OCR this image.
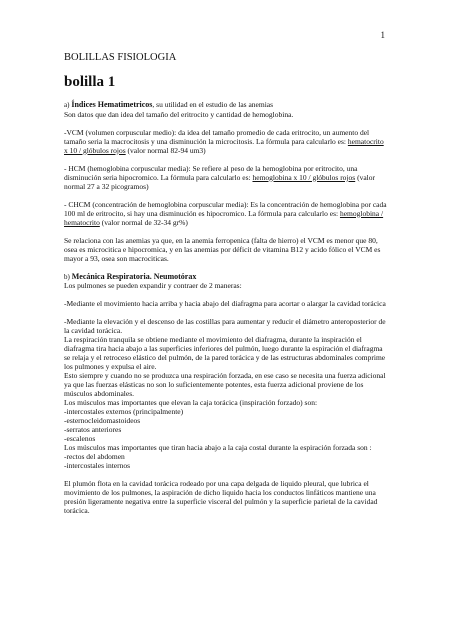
1
BOLILLAS FISIOLOGIA
bolilla 1

a) Índices Hematimetricos, su utilidad en el estudio de las anemias

Son datos que dan idea del tamaño del eritrocito y cantidad de hemoglobina.

-VCM (volumen corpuscular medio): da idea del tamaño promedio de cada eritrocito, un aumento del tamaño seria la macrocitosis y una disminución la microcitosis. La fórmula para calcularlo es: hematocrito x 10 / glóbulos rojos (valor normal 82-94 um3)

- HCM (hemoglobina corpuscular media): Se refiere al peso de la hemoglobina por eritrocito, una disminución seria hipocromico. La fórmula para calcularlo es: hemoglobina x 10 / glóbulos rojos (valor normal 27 a 32 picogramos)

- CHCM (concentración de hemoglobina corpuscular media): Es la concentración de hemoglobina por cada 100 ml de eritrocito, si hay una disminución es hipocromico. La fórmula para calcularlo es: hemoglobina / hematocrito (valor normal de 32-34 gr%)

Se relaciona con las anemias ya que, en la anemia ferropenica (falta de hierro) el VCM es menor que 80, osea es microcitica e hipocromica, y en las anemias por déficit de vitamina B12 y acido fólico el VCM es mayor a 93, osea son macrociticas.

b) Mecánica Respiratoria. Neumotórax

Los pulmones se pueden expandir y contraer de 2 maneras:

-Mediante el movimiento hacia arriba y hacia abajo del diafragma para acortar o alargar la cavidad torácica

-Mediante la elevación y el descenso de las costillas para aumentar y reducir el diámetro anteroposterior de la cavidad torácica.

La respiración tranquila se obtiene mediante el movimiento del diafragma, durante la inspiración el diafragma tira hacia abajo a las superficies inferiores del pulmón, luego durante la espiración el diafragma se relaja y el retroceso elástico del pulmón, de la pared torácica y de las estructuras abdominales comprime los pulmones y expulsa el aire.

Esto siempre y cuando no se produzca una respiración forzada, en ese caso se necesita una fuerza adicional ya que las fuerzas elásticas no son lo suficientemente potentes, esta fuerza adicional proviene de los músculos abdominales.

Los músculos mas importantes que elevan la caja torácica (inspiración forzado) son:

-intercostales externos (principalmente)

-esternocleidomastoideos

-serratos anteriores

-escalenos

Los músculos mas importantes que tiran hacia abajo a la caja costal durante la espiración forzada son :

-rectos del abdomen

-intercostales internos

El plumón flota en la cavidad torácica rodeado por una capa delgada de liquido pleural, que lubrica el movimiento de los pulmones, la aspiración de dicho liquido hacia los conductos linfáticos mantiene una presión ligeramente negativa entre la superficie visceral del pulmón y la superficie parietal de la cavidad torácica.
